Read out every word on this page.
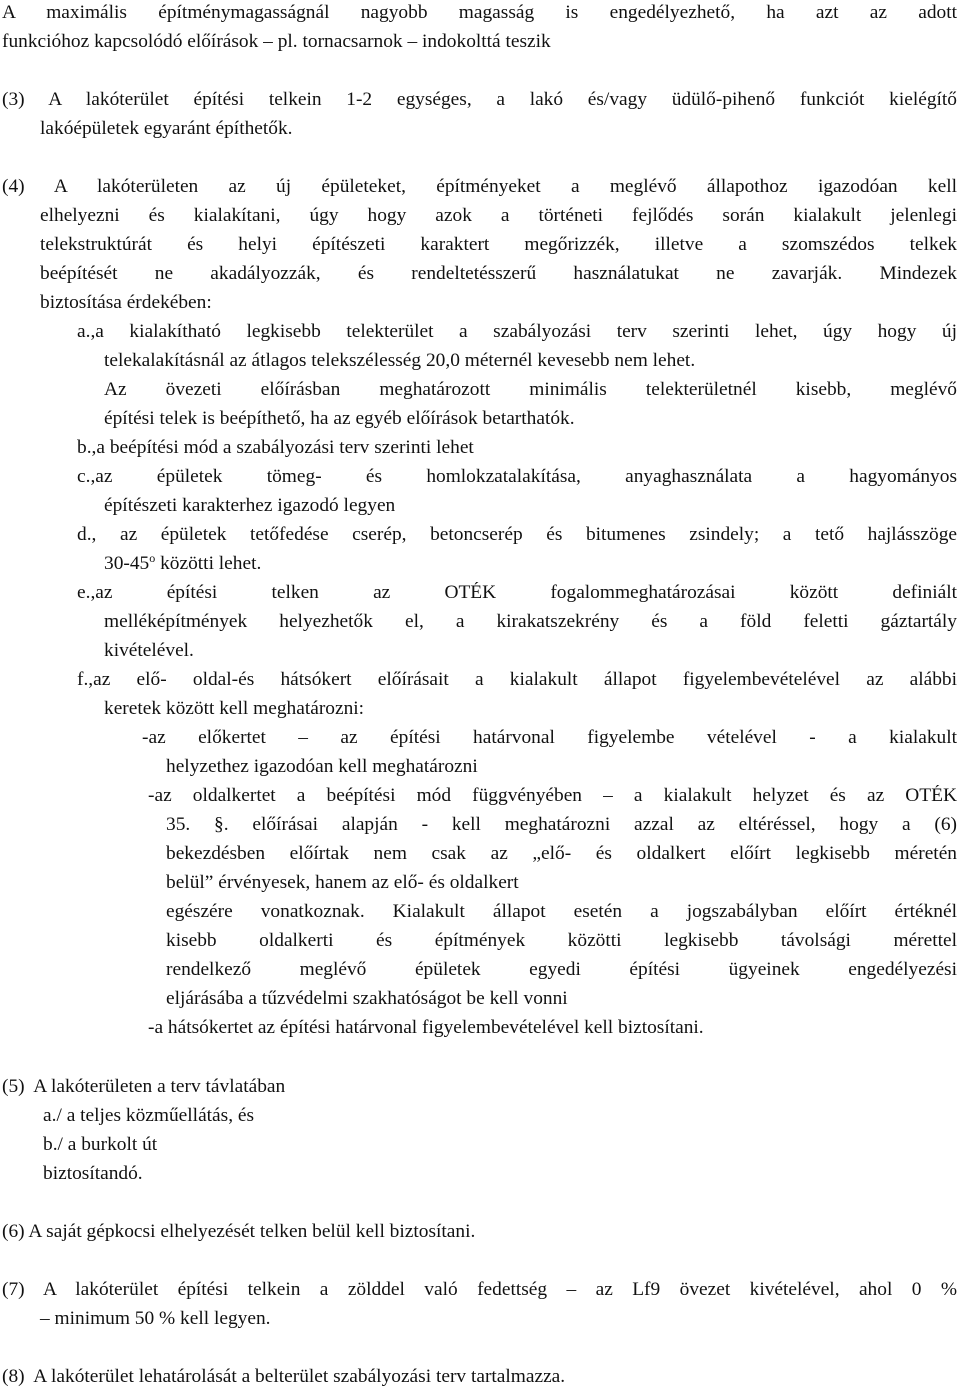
A maximális építménymagasságnál nagyobb magasság is engedélyezhető, ha azt az adott
funkcióhoz kapcsolódó előírások – pl. tornacsarnok – indokolttá teszik
(3) A lakóterület építési telkein 1-2 egységes, a lakó és/vagy üdülő-pihenő funkciót kielégítő
lakóépületek egyaránt építhetők.
(4) A lakóterületen az új épületeket, építményeket a meglévő állapothoz igazodóan kell
elhelyezni és kialakítani, úgy hogy azok a történeti fejlődés során kialakult jelenlegi
telekstruktúrát és helyi építészeti karaktert megőrizzék, illetve a szomszédos telkek
beépítését ne akadályozzák, és rendeltetésszerű használatukat ne zavarják. Mindezek
biztosítása érdekében:
a.,a kialakítható legkisebb telekterület a szabályozási terv szerinti lehet, úgy hogy új
telekalakításnál az átlagos telekszélesség 20,0 méternél kevesebb nem lehet.
Az övezeti előírásban meghatározott minimális telekterületnél kisebb, meglévő
építési telek is beépíthető, ha az egyéb előírások betarthatók.
b.,a beépítési mód a szabályozási terv szerinti lehet
c.,az épületek tömeg- és homlokzatalakítása, anyaghasználata a hagyományos
építészeti karakterhez igazodó legyen
d., az épületek tetőfedése cserép, betoncserép és bitumenes zsindely; a tető hajlásszöge
30-45$^o$ közötti lehet.
e.,az építési telken az OTÉK fogalommeghatározásai között definiált
melléképítmények helyezhetők el, a kirakatszekrény és a föld feletti gáztartály
kivételével.
f.,az elő- oldal-és hátsókert előírásait a kialakult állapot figyelembevételével az alábbi
keretek között kell meghatározni:
-az előkertet – az építési határvonal figyelembe vételével - a kialakult
helyzethez igazodóan kell meghatározni
-az oldalkertet a beépítési mód függvényében – a kialakult helyzet és az OTÉK
35. §. előírásai alapján - kell meghatározni azzal az eltéréssel, hogy a (6)
bekezdésben előírtak nem csak az „elő- és oldalkert előírt legkisebb méretén
belül” érvényesek, hanem az elő- és oldalkert
egészére vonatkoznak. Kialakult állapot esetén a jogszabályban előírt értéknél
kisebb oldalkerti és építmények közötti legkisebb távolsági mérettel
rendelkező meglévő épületek egyedi építési ügyeinek engedélyezési
eljárásába a tűzvédelmi szakhatóságot be kell vonni
-a hátsókertet az építési határvonal figyelembevételével kell biztosítani.
(5)  A lakóterületen a terv távlatában
a./ a teljes közműellátás, és
b./ a burkolt út
biztosítandó.
(6) A saját gépkocsi elhelyezését telken belül kell biztosítani.
(7) A lakóterület építési telkein a zölddel való fedettség – az Lf9 övezet kivételével, ahol 0 %
– minimum 50 % kell legyen.
(8)  A lakóterület lehatárolását a belterület szabályozási terv tartalmazza.
